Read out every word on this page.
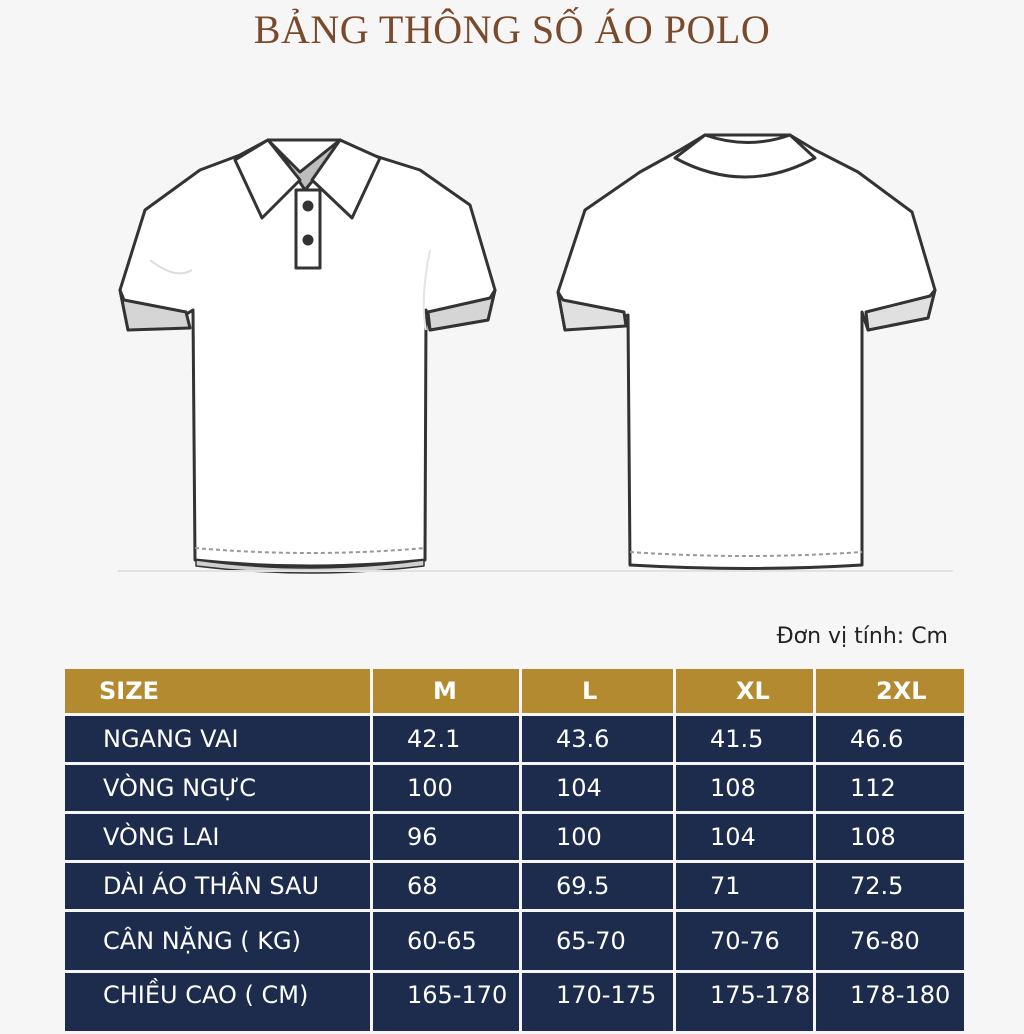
BẢNG THÔNG SỐ ÁO POLO
Đơn vị tính: Cm
SIZE	M	L	XL	2XL
NGANG VAI	42.1	43.6	41.5	46.6
VÒNG NGỰC	100	104	108	112
VÒNG LAI	96	100	104	108
DÀI ÁO THÂN SAU	68	69.5	71	72.5
CÂN NẶNG ( KG)	60-65	65-70	70-76	76-80
CHIỀU CAO ( CM)	165-170	170-175	175-178	178-180
